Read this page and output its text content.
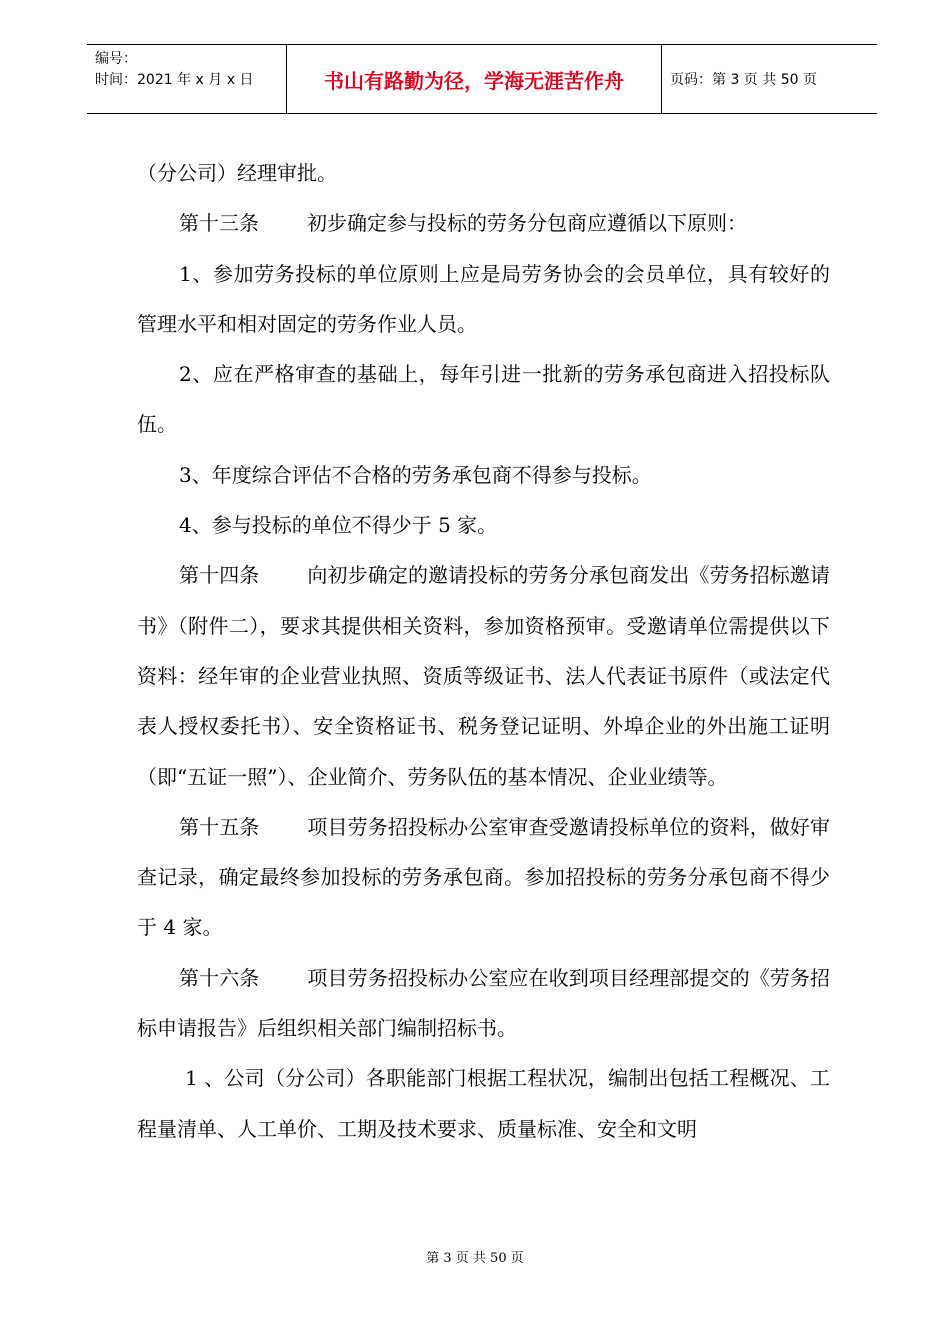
编号：
时间：2021 年 x 月 x 日	书山有路勤为径，学海无涯苦作舟	页码：第 3 页 共 50 页

（分公司）经理审批。

第十三条 初步确定参与投标的劳务分包商应遵循以下原则：

1、参加劳务投标的单位原则上应是局劳务协会的会员单位，具有较好的管理水平和相对固定的劳务作业人员。

2、应在严格审查的基础上，每年引进一批新的劳务承包商进入招投标队伍。

3、年度综合评估不合格的劳务承包商不得参与投标。

4、参与投标的单位不得少于 5 家。

第十四条 向初步确定的邀请投标的劳务分承包商发出《劳务招标邀请书》（附件二），要求其提供相关资料，参加资格预审。受邀请单位需提供以下资料：经年审的企业营业执照、资质等级证书、法人代表证书原件（或法定代表人授权委托书）、安全资格证书、税务登记证明、外埠企业的外出施工证明（即“五证一照”）、企业简介、劳务队伍的基本情况、企业业绩等。

第十五条 项目劳务招投标办公室审查受邀请投标单位的资料，做好审查记录，确定最终参加投标的劳务承包商。参加招投标的劳务分承包商不得少于 4 家。

第十六条 项目劳务招投标办公室应在收到项目经理部提交的《劳务招标申请报告》后组织相关部门编制招标书。

1 、公司（分公司）各职能部门根据工程状况，编制出包括工程概况、工程量清单、人工单价、工期及技术要求、质量标准、安全和文明

第 3 页 共 50 页
